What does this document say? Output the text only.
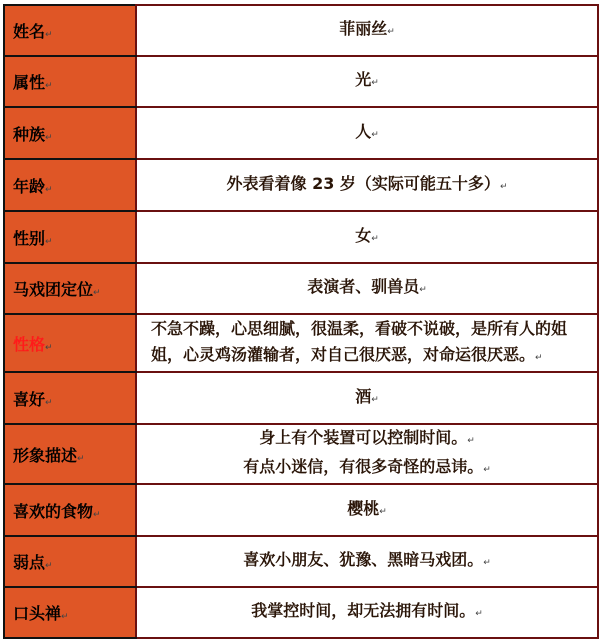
姓名↵	菲丽丝↵

属性↵	光↵

种族↵	人↵

年龄↵	外表看着像 23 岁（实际可能五十多）↵

性别↵	女↵

马戏团定位↵	表演者、驯兽员↵

性格↵	不急不躁，心思细腻，很温柔，看破不说破，是所有人的姐姐，心灵鸡汤灌输者，对自己很厌恶，对命运很厌恶。↵

喜好↵	酒↵

形象描述↵	身上有个装置可以控制时间。↵
有点小迷信，有很多奇怪的忌讳。↵

喜欢的食物↵	樱桃↵

弱点↵	喜欢小朋友、犹豫、黑暗马戏团。↵

口头禅↵	我掌控时间，却无法拥有时间。↵
